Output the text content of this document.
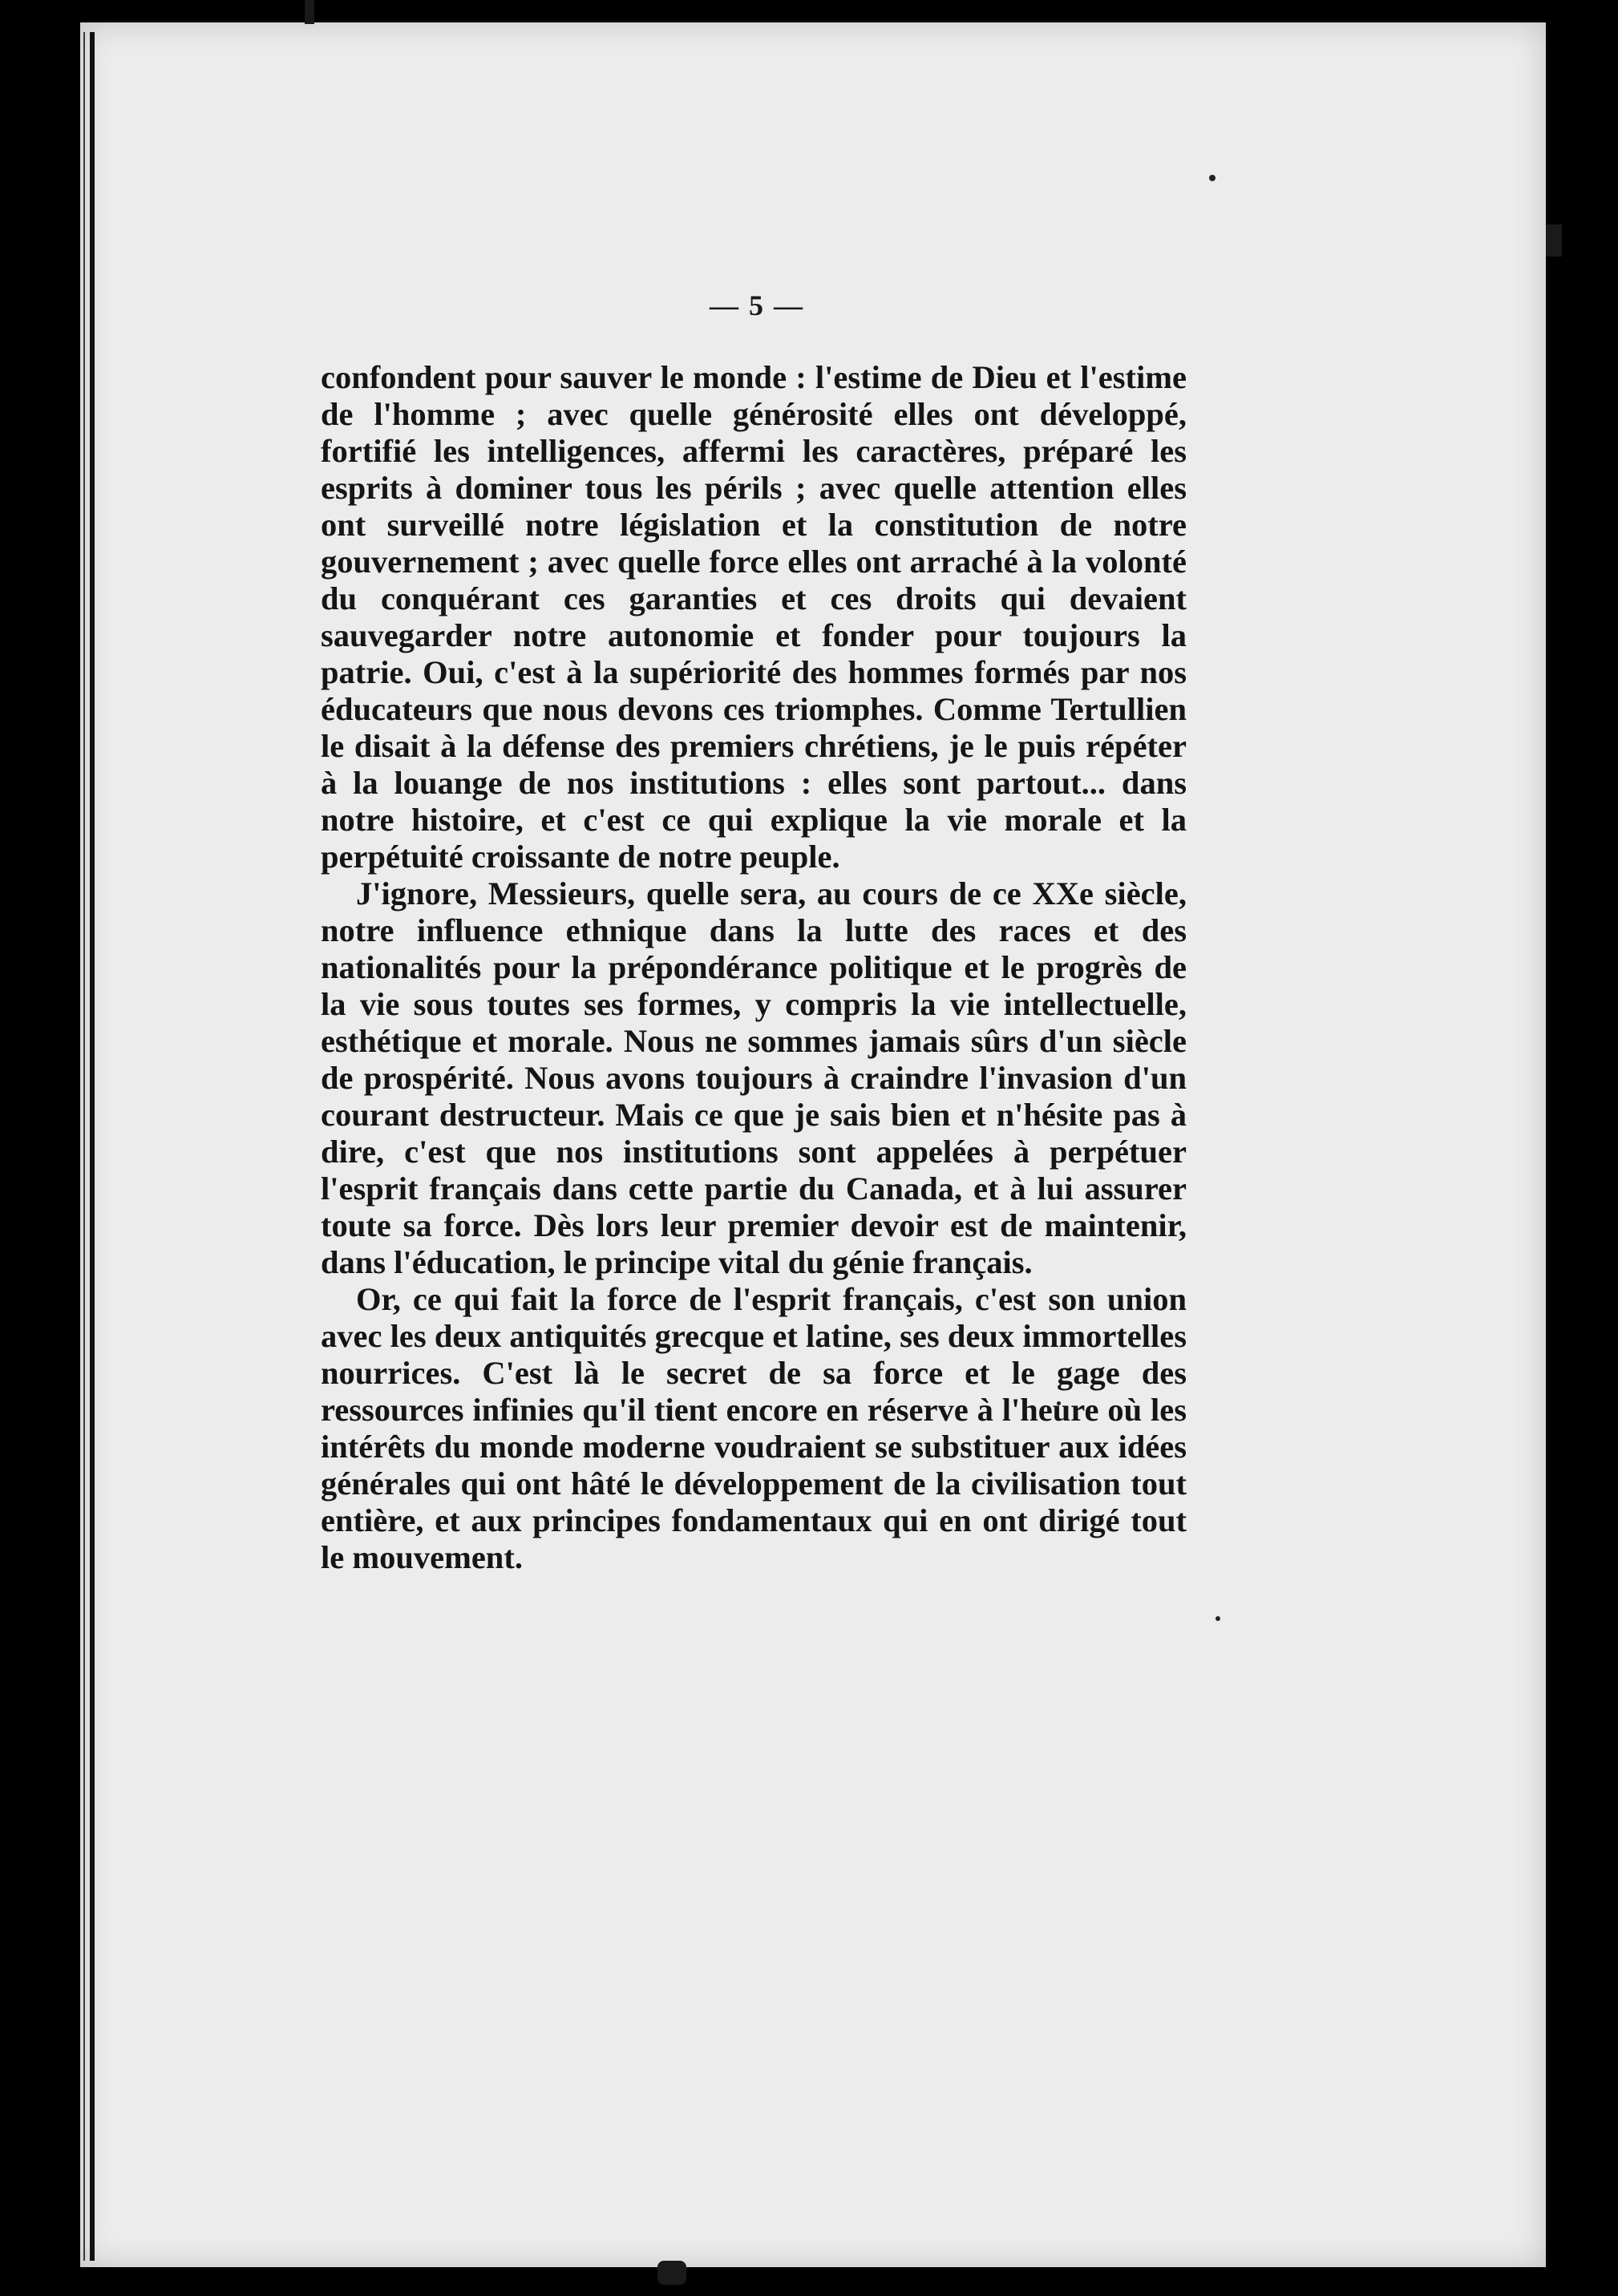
— 5 —

confondent pour sauver le monde : l'estime de Dieu et l'estime de l'homme ; avec quelle générosité elles ont développé, fortifié les intelligences, affermi les caractères, préparé les esprits à dominer tous les périls ; avec quelle attention elles ont surveillé notre législation et la constitution de notre gouvernement ; avec quelle force elles ont arraché à la volonté du conquérant ces garanties et ces droits qui devaient sauvegarder notre autonomie et fonder pour toujours la patrie. Oui, c'est à la supériorité des hommes formés par nos éducateurs que nous devons ces triomphes. Comme Tertullien le disait à la défense des premiers chrétiens, je le puis répéter à la louange de nos institutions : elles sont partout... dans notre histoire, et c'est ce qui explique la vie morale et la perpétuité croissante de notre peuple.

J'ignore, Messieurs, quelle sera, au cours de ce XXe siècle, notre influence ethnique dans la lutte des races et des nationalités pour la prépondérance politique et le progrès de la vie sous toutes ses formes, y compris la vie intellectuelle, esthétique et morale. Nous ne sommes jamais sûrs d'un siècle de prospérité. Nous avons toujours à craindre l'invasion d'un courant destructeur. Mais ce que je sais bien et n'hésite pas à dire, c'est que nos institutions sont appelées à perpétuer l'esprit français dans cette partie du Canada, et à lui assurer toute sa force. Dès lors leur premier devoir est de maintenir, dans l'éducation, le principe vital du génie français.

Or, ce qui fait la force de l'esprit français, c'est son union avec les deux antiquités grecque et latine, ses deux immortelles nourrices. C'est là le secret de sa force et le gage des ressources infinies qu'il tient encore en réserve à l'heure où les intérêts du monde moderne voudraient se substituer aux idées générales qui ont hâté le développement de la civilisation tout entière, et aux principes fondamentaux qui en ont dirigé tout le mouvement.
